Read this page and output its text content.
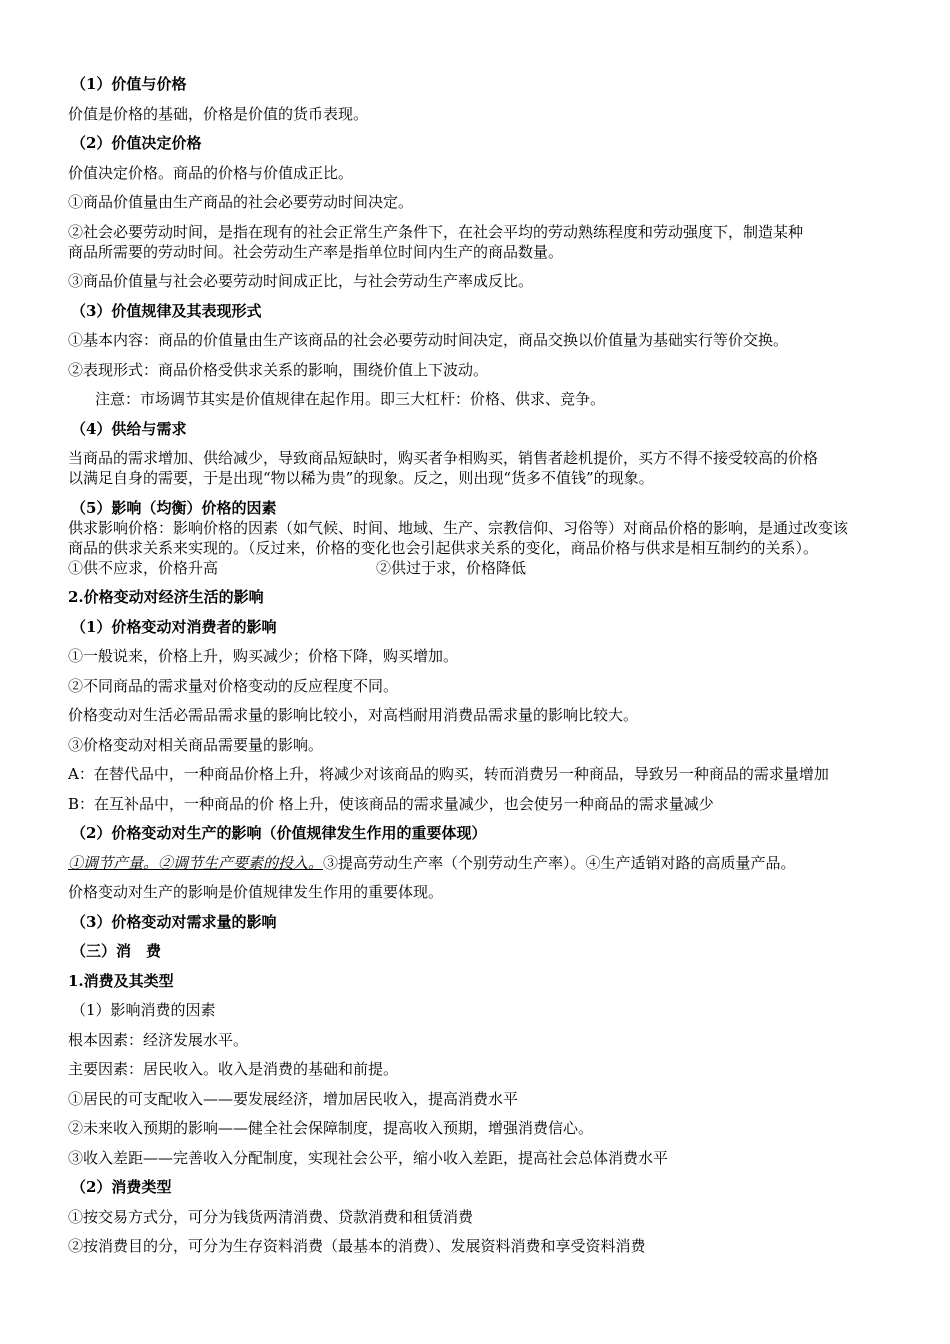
（1）价值与价格
价值是价格的基础，价格是价值的货币表现。
（2）价值决定价格
价值决定价格。商品的价格与价值成正比。
①商品价值量由生产商品的社会必要劳动时间决定。
②社会必要劳动时间，是指在现有的社会正常生产条件下，在社会平均的劳动熟练程度和劳动强度下，制造某种
商品所需要的劳动时间。社会劳动生产率是指单位时间内生产的商品数量。
③商品价值量与社会必要劳动时间成正比，与社会劳动生产率成反比。
（3）价值规律及其表现形式
①基本内容：商品的价值量由生产该商品的社会必要劳动时间决定，商品交换以价值量为基础实行等价交换。
②表现形式：商品价格受供求关系的影响，围绕价值上下波动。
注意：市场调节其实是价值规律在起作用。即三大杠杆：价格、供求、竞争。
（4）供给与需求
当商品的需求增加、供给减少，导致商品短缺时，购买者争相购买，销售者趁机提价，买方不得不接受较高的价格
以满足自身的需要，于是出现“物以稀为贵”的现象。反之，则出现“货多不值钱”的现象。
（5）影响（均衡）价格的因素
供求影响价格：影响价格的因素（如气候、时间、地域、生产、宗教信仰、习俗等）对商品价格的影响，是通过改变该
商品的供求关系来实现的。（反过来，价格的变化也会引起供求关系的变化，商品价格与供求是相互制约的关系）。
①供不应求，价格升高	②供过于求，价格降低
2.价格变动对经济生活的影响
（1）价格变动对消费者的影响
①一般说来，价格上升，购买减少；价格下降，购买增加。
②不同商品的需求量对价格变动的反应程度不同。
价格变动对生活必需品需求量的影响比较小，对高档耐用消费品需求量的影响比较大。
③价格变动对相关商品需要量的影响。
A：在替代品中，一种商品价格上升，将减少对该商品的购买，转而消费另一种商品，导致另一种商品的需求量增加
B：在互补品中，一种商品的价 格上升，使该商品的需求量减少，也会使另一种商品的需求量减少
（2）价格变动对生产的影响（价值规律发生作用的重要体现）
①调节产量。②调节生产要素的投入。③提高劳动生产率（个别劳动生产率）。④生产适销对路的高质量产品。
价格变动对生产的影响是价值规律发生作用的重要体现。
（3）价格变动对需求量的影响
（三）消　费
1.消费及其类型
（1）影响消费的因素
根本因素：经济发展水平。
主要因素：居民收入。收入是消费的基础和前提。
①居民的可支配收入——要发展经济，增加居民收入，提高消费水平
②未来收入预期的影响——健全社会保障制度，提高收入预期，增强消费信心。
③收入差距——完善收入分配制度，实现社会公平，缩小收入差距，提高社会总体消费水平
（2）消费类型
①按交易方式分，可分为钱货两清消费、贷款消费和租赁消费
②按消费目的分，可分为生存资料消费（最基本的消费）、发展资料消费和享受资料消费
